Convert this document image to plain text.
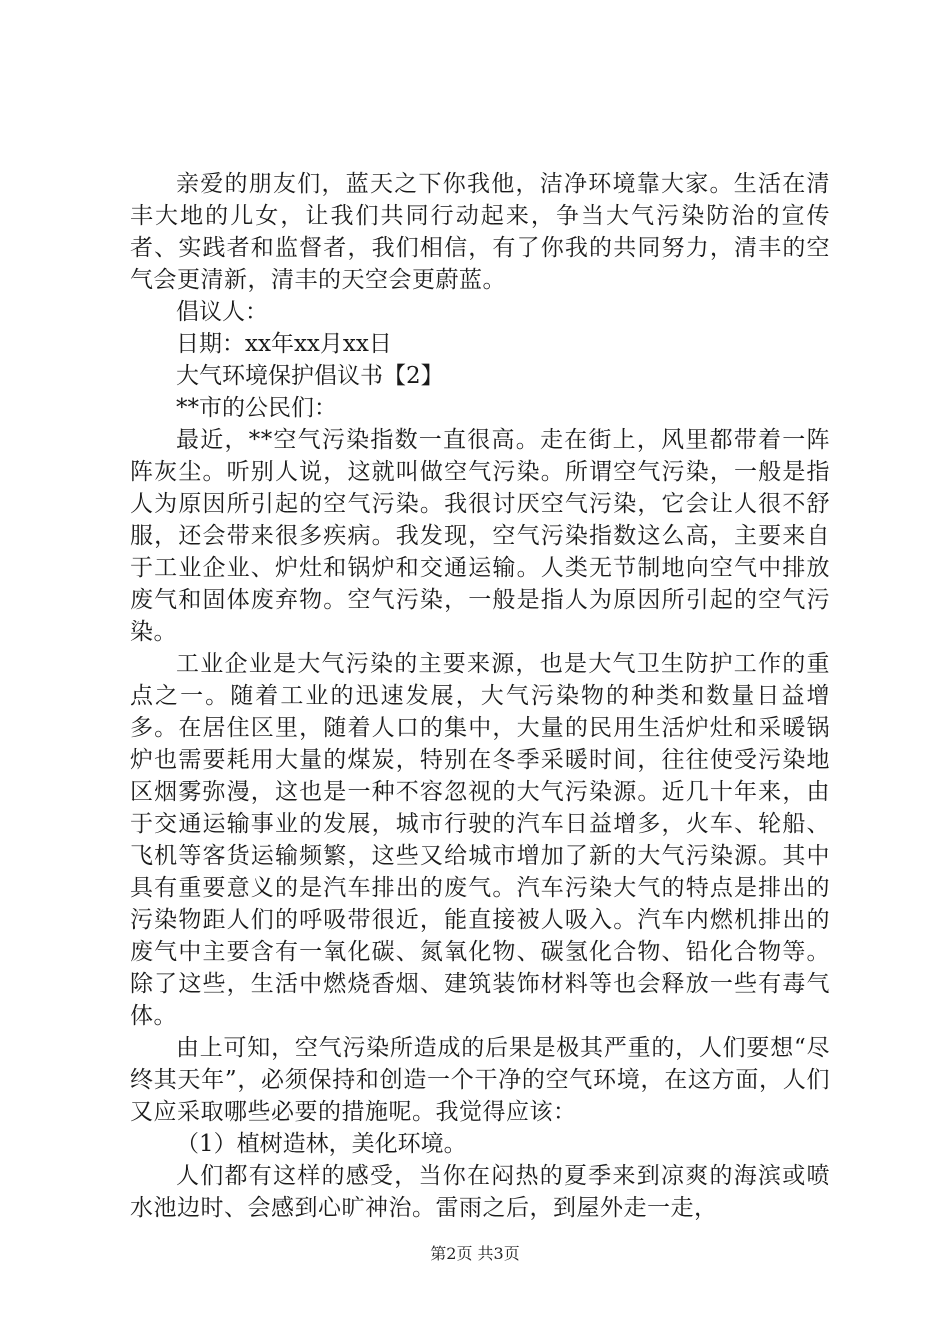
亲爱的朋友们，蓝天之下你我他，洁净环境靠大家。生活在清丰大地的儿女，让我们共同行动起来，争当大气污染防治的宣传者、实践者和监督者，我们相信，有了你我的共同努力，清丰的空气会更清新，清丰的天空会更蔚蓝。

倡议人：

日期：xx年xx月xx日

大气环境保护倡议书【2】

**市的公民们：

最近，**空气污染指数一直很高。走在街上，风里都带着一阵阵灰尘。听别人说，这就叫做空气污染。所谓空气污染，一般是指人为原因所引起的空气污染。我很讨厌空气污染，它会让人很不舒服，还会带来很多疾病。我发现，空气污染指数这么高，主要来自于工业企业、炉灶和锅炉和交通运输。人类无节制地向空气中排放废气和固体废弃物。空气污染，一般是指人为原因所引起的空气污染。

工业企业是大气污染的主要来源，也是大气卫生防护工作的重点之一。随着工业的迅速发展，大气污染物的种类和数量日益增多。在居住区里，随着人口的集中，大量的民用生活炉灶和采暖锅炉也需要耗用大量的煤炭，特别在冬季采暖时间，往往使受污染地区烟雾弥漫，这也是一种不容忽视的大气污染源。近几十年来，由于交通运输事业的发展，城市行驶的汽车日益增多，火车、轮船、飞机等客货运输频繁，这些又给城市增加了新的大气污染源。其中具有重要意义的是汽车排出的废气。汽车污染大气的特点是排出的污染物距人们的呼吸带很近，能直接被人吸入。汽车内燃机排出的废气中主要含有一氧化碳、氮氧化物、碳氢化合物、铅化合物等。除了这些，生活中燃烧香烟、建筑装饰材料等也会释放一些有毒气体。

由上可知，空气污染所造成的后果是极其严重的，人们要想“尽终其天年”，必须保持和创造一个干净的空气环境，在这方面，人们又应采取哪些必要的措施呢。我觉得应该：

（1）植树造林，美化环境。

人们都有这样的感受，当你在闷热的夏季来到凉爽的海滨或喷水池边时、会感到心旷神治。雷雨之后，到屋外走一走，

第2页 共3页
